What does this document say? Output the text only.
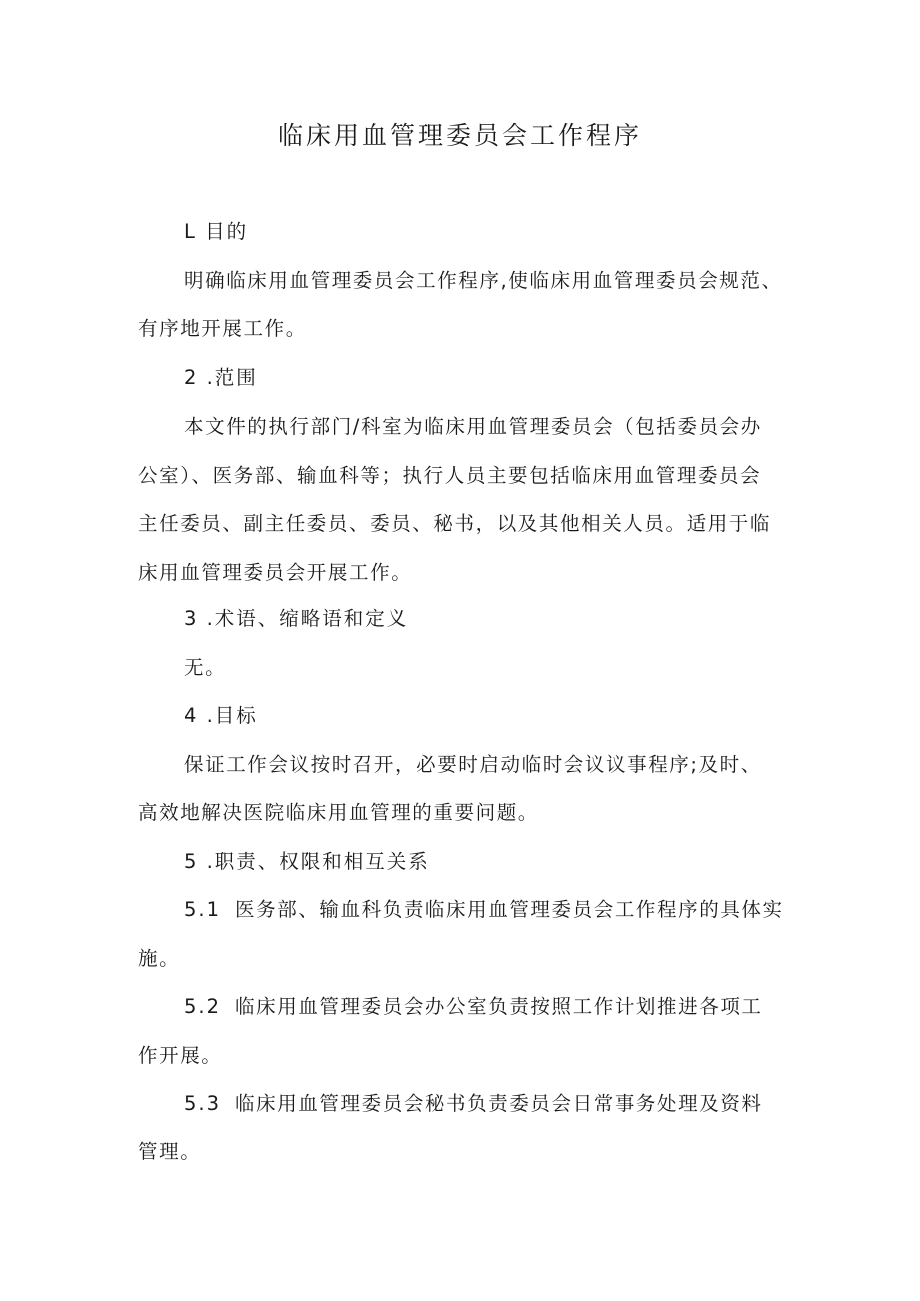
临床用血管理委员会工作程序
L 目的
明确临床用血管理委员会工作程序,使临床用血管理委员会规范、
有序地开展工作。
2 .范围
本文件的执行部门/科室为临床用血管理委员会（包括委员会办
公室）、医务部、输血科等；执行人员主要包括临床用血管理委员会
主任委员、副主任委员、委员、秘书，以及其他相关人员。适用于临
床用血管理委员会开展工作。
3 .术语、缩略语和定义
无。
4 .目标
保证工作会议按时召开，必要时启动临时会议议事程序;及时、
高效地解决医院临床用血管理的重要问题。
5 .职责、权限和相互关系
5.1 医务部、输血科负责临床用血管理委员会工作程序的具体实
施。
5.2 临床用血管理委员会办公室负责按照工作计划推进各项工
作开展。
5.3 临床用血管理委员会秘书负责委员会日常事务处理及资料
管理。
